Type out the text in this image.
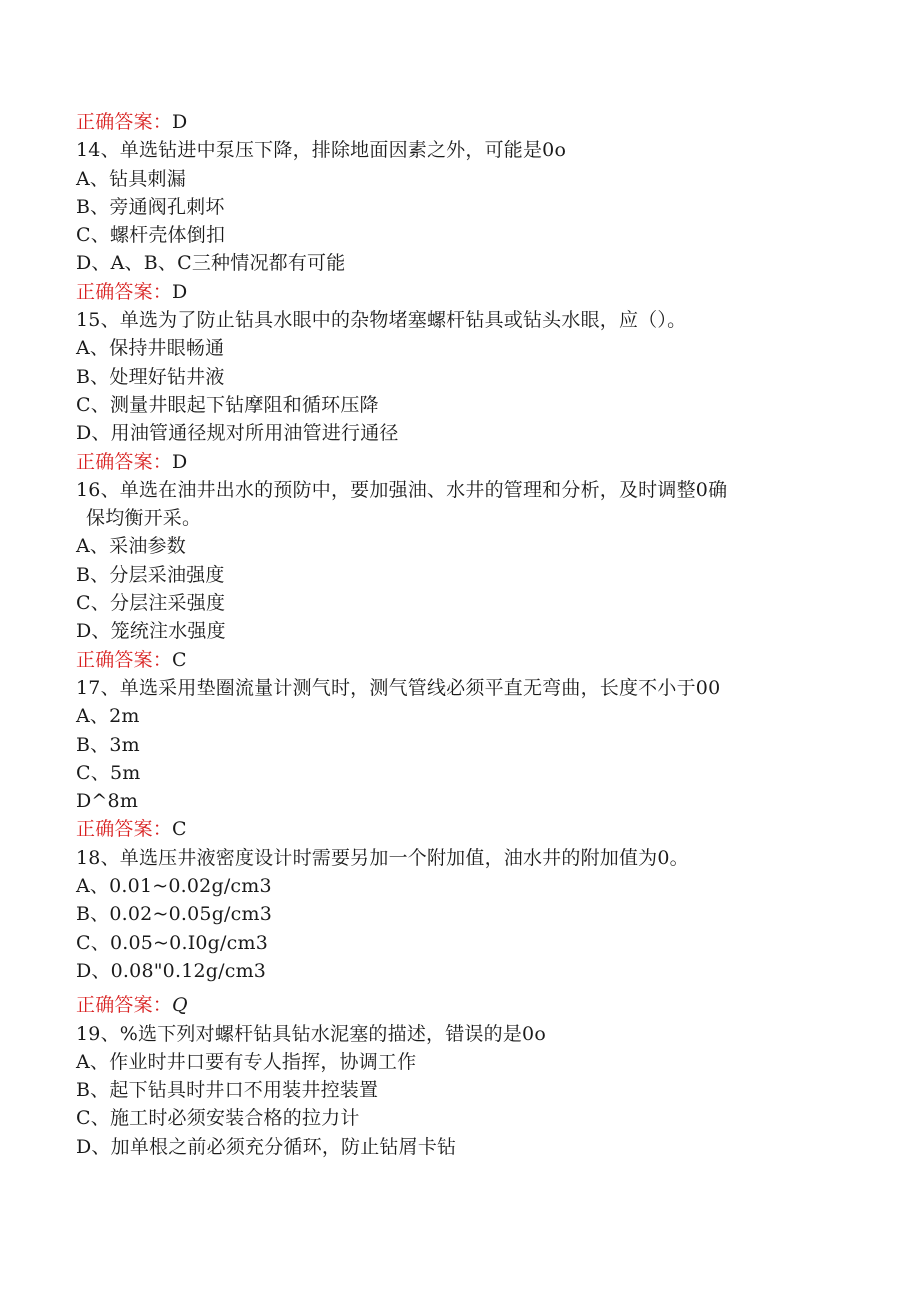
正确答案：D
14、单选钻进中泵压下降，排除地面因素之外，可能是0o
A、钻具刺漏
B、旁通阀孔刺坏
C、螺杆壳体倒扣
D、A、B、C三种情况都有可能
正确答案：D
15、单选为了防止钻具水眼中的杂物堵塞螺杆钻具或钻头水眼，应（）。
A、保持井眼畅通
B、处理好钻井液
C、测量井眼起下钻摩阻和循环压降
D、用油管通径规对所用油管进行通径
正确答案：D
16、单选在油井出水的预防中，要加强油、水井的管理和分析，及时调整0确
保均衡开采。
A、采油参数
B、分层采油强度
C、分层注采强度
D、笼统注水强度
正确答案：C
17、单选采用垫圈流量计测气时，测气管线必须平直无弯曲，长度不小于00
A、2m
B、3m
C、5m
D^8m
正确答案：C
18、单选压井液密度设计时需要另加一个附加值，油水井的附加值为0。
A、0.01~0.02g/cm3
B、0.02~0.05g/cm3
C、0.05~0.I0g/cm3
D、0.08"0.12g/cm3
正确答案：Q
19、%选下列对螺杆钻具钻水泥塞的描述，错误的是0o
A、作业时井口要有专人指挥，协调工作
B、起下钻具时井口不用装井控装置
C、施工时必须安装合格的拉力计
D、加单根之前必须充分循环，防止钻屑卡钻
